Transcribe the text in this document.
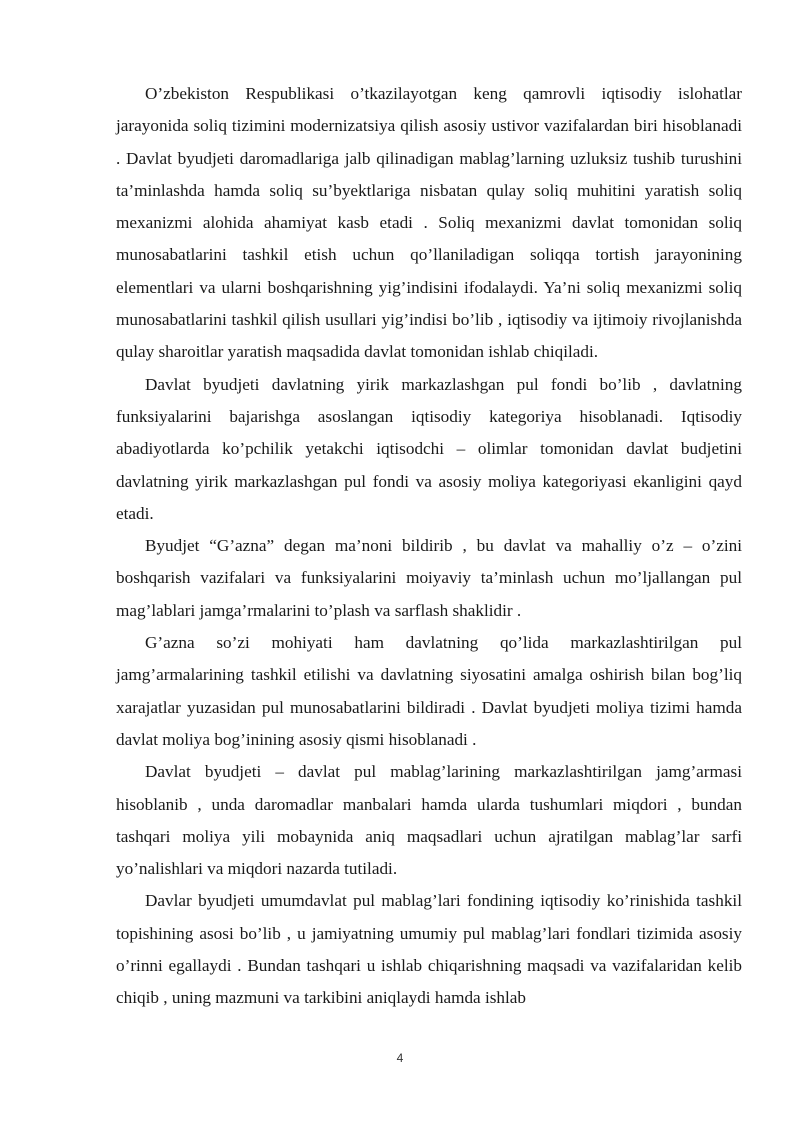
O’zbekiston Respublikasi o’tkazilayotgan keng qamrovli iqtisodiy islohatlar jarayonida soliq tizimini modernizatsiya qilish asosiy ustivor vazifalardan biri hisoblanadi . Davlat byudjeti daromadlariga jalb qilinadigan mablag’larning uzluksiz tushib turushini ta’minlashda hamda soliq su’byektlariga nisbatan qulay soliq muhitini yaratish soliq mexanizmi alohida ahamiyat kasb etadi . Soliq mexanizmi davlat tomonidan soliq munosabatlarini tashkil etish uchun qo’llaniladigan soliqqa tortish jarayonining elementlari va ularni boshqarishning yig’indisini ifodalaydi. Ya’ni soliq mexanizmi soliq munosabatlarini tashkil qilish usullari yig’indisi bo’lib , iqtisodiy va ijtimoiy rivojlanishda qulay sharoitlar yaratish maqsadida davlat tomonidan ishlab chiqiladi.

Davlat byudjeti davlatning yirik markazlashgan pul fondi bo’lib , davlatning funksiyalarini bajarishga asoslangan iqtisodiy kategoriya hisoblanadi. Iqtisodiy abadiyotlarda ko’pchilik yetakchi iqtisodchi – olimlar tomonidan davlat budjetini davlatning yirik markazlashgan pul fondi va asosiy moliya kategoriyasi ekanligini qayd etadi.

Byudjet “G’azna” degan ma’noni bildirib , bu davlat va mahalliy o’z – o’zini boshqarish vazifalari va funksiyalarini moiyaviy ta’minlash uchun mo’ljallangan pul mag’lablari jamga’rmalarini to’plash va sarflash shaklidir .

G’azna so’zi mohiyati ham davlatning qo’lida markazlashtirilgan pul jamg’armalarining tashkil etilishi va davlatning siyosatini amalga oshirish bilan bog’liq xarajatlar yuzasidan pul munosabatlarini bildiradi . Davlat byudjeti moliya tizimi hamda davlat moliya bog’inining asosiy qismi hisoblanadi .

Davlat byudjeti – davlat pul mablag’larining markazlashtirilgan jamg’armasi hisoblanib , unda daromadlar manbalari hamda ularda tushumlari miqdori , bundan tashqari moliya yili mobaynida aniq maqsadlari uchun ajratilgan mablag’lar sarfi yo’nalishlari va miqdori nazarda tutiladi.

Davlar byudjeti umumdavlat pul mablag’lari fondining iqtisodiy ko’rinishida tashkil topishining asosi bo’lib , u jamiyatning umumiy pul mablag’lari fondlari tizimida asosiy o’rinni egallaydi . Bundan tashqari u ishlab chiqarishning maqsadi va vazifalaridan kelib chiqib , uning mazmuni va tarkibini aniqlaydi hamda ishlab

4
